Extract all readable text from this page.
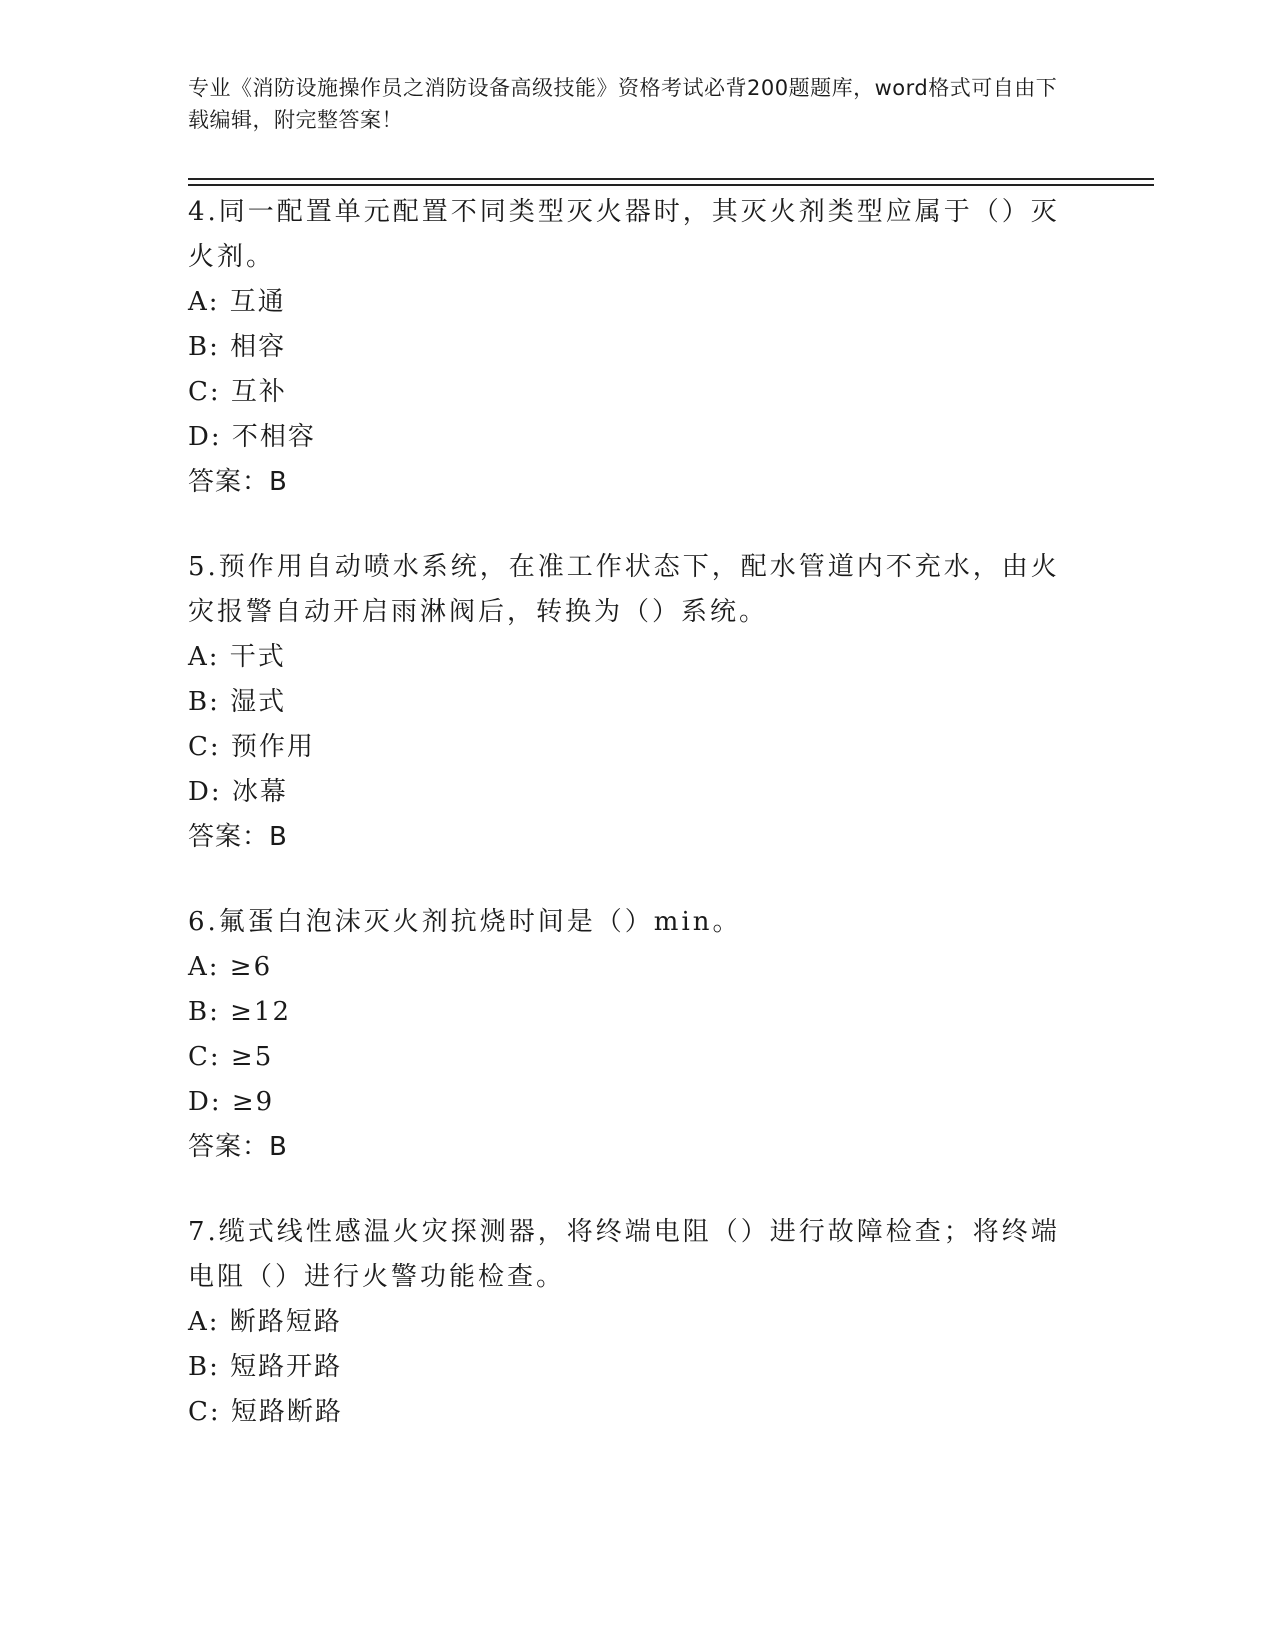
专业《消防设施操作员之消防设备高级技能》资格考试必背200题题库，word格式可自由下载编辑，附完整答案！
4.同一配置单元配置不同类型灭火器时，其灭火剂类型应属于（）灭火剂。
A: 互通
B: 相容
C: 互补
D: 不相容
答案：B
5.预作用自动喷水系统，在准工作状态下，配水管道内不充水，由火灾报警自动开启雨淋阀后，转换为（）系统。
A: 干式
B: 湿式
C: 预作用
D: 冰幕
答案：B
6.氟蛋白泡沫灭火剂抗烧时间是（）min。
A: ≥6
B: ≥12
C: ≥5
D: ≥9
答案：B
7.缆式线性感温火灾探测器，将终端电阻（）进行故障检查；将终端电阻（）进行火警功能检查。
A: 断路短路
B: 短路开路
C: 短路断路
